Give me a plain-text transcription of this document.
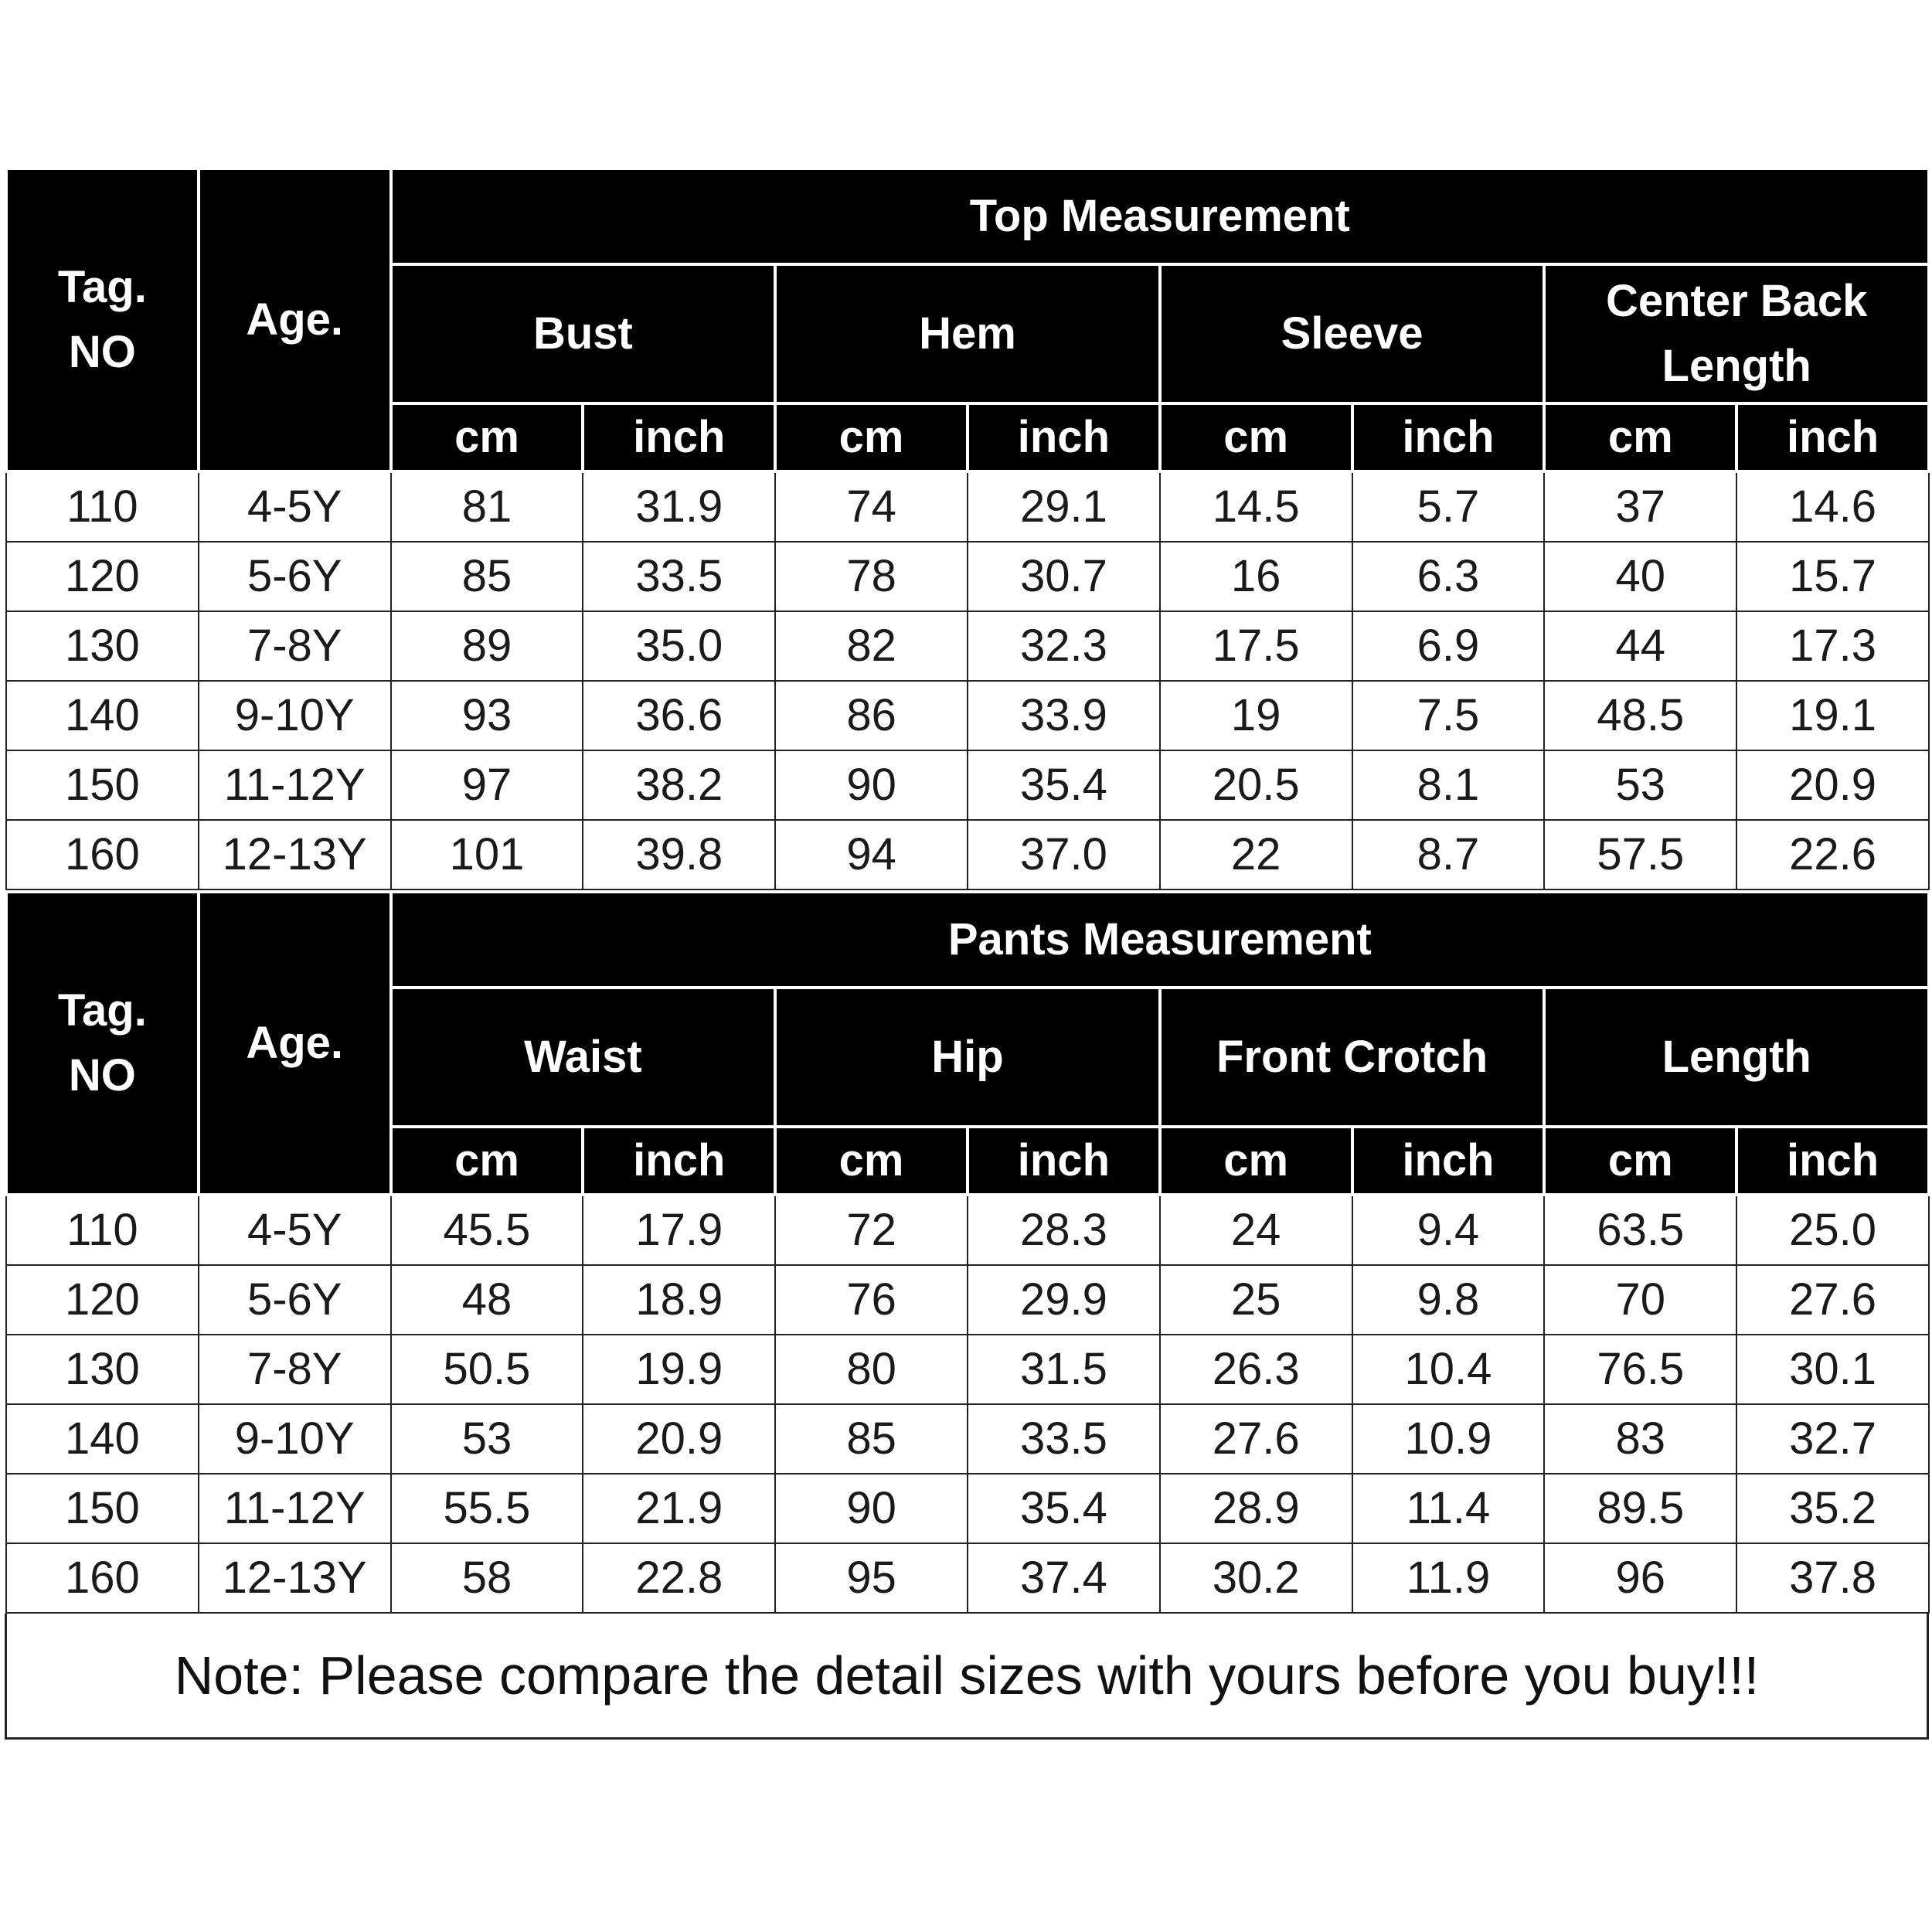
Tag.
NO	Age.	Top Measurement							
		Bust		Hem		Sleeve		Center Back Length	
		cm	inch	cm	inch	cm	inch	cm	inch
110	4-5Y	81	31.9	74	29.1	14.5	5.7	37	14.6
120	5-6Y	85	33.5	78	30.7	16	6.3	40	15.7
130	7-8Y	89	35.0	82	32.3	17.5	6.9	44	17.3
140	9-10Y	93	36.6	86	33.9	19	7.5	48.5	19.1
150	11-12Y	97	38.2	90	35.4	20.5	8.1	53	20.9
160	12-13Y	101	39.8	94	37.0	22	8.7	57.5	22.6
Tag.
NO	Age.	Pants Measurement							
		Waist		Hip		Front Crotch		Length	
		cm	inch	cm	inch	cm	inch	cm	inch
110	4-5Y	45.5	17.9	72	28.3	24	9.4	63.5	25.0
120	5-6Y	48	18.9	76	29.9	25	9.8	70	27.6
130	7-8Y	50.5	19.9	80	31.5	26.3	10.4	76.5	30.1
140	9-10Y	53	20.9	85	33.5	27.6	10.9	83	32.7
150	11-12Y	55.5	21.9	90	35.4	28.9	11.4	89.5	35.2
160	12-13Y	58	22.8	95	37.4	30.2	11.9	96	37.8
Note: Please compare the detail sizes with yours before you buy!!!
